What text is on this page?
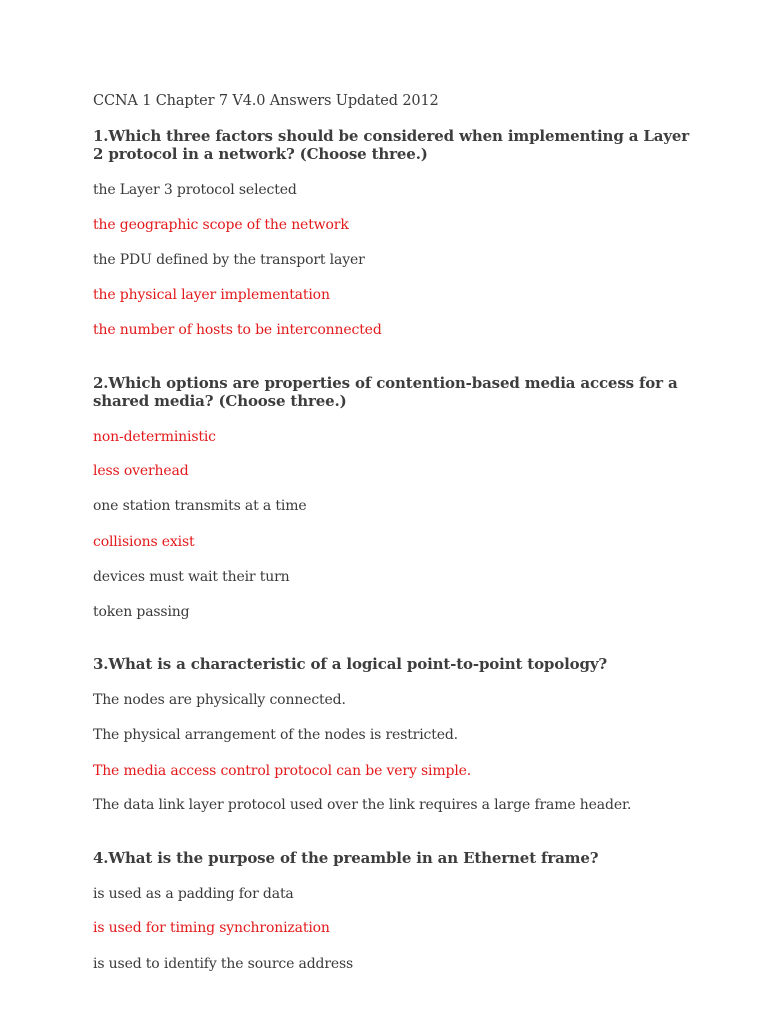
CCNA 1 Chapter 7 V4.0 Answers Updated 2012
1.Which three factors should be considered when implementing a Layer 2 protocol in a network? (Choose three.)
the Layer 3 protocol selected
the geographic scope of the network
the PDU defined by the transport layer
the physical layer implementation
the number of hosts to be interconnected
2.Which options are properties of contention-based media access for a shared media? (Choose three.)
non-deterministic
less overhead
one station transmits at a time
collisions exist
devices must wait their turn
token passing
3.What is a characteristic of a logical point-to-point topology?
The nodes are physically connected.
The physical arrangement of the nodes is restricted.
The media access control protocol can be very simple.
The data link layer protocol used over the link requires a large frame header.
4.What is the purpose of the preamble in an Ethernet frame?
is used as a padding for data
is used for timing synchronization
is used to identify the source address
